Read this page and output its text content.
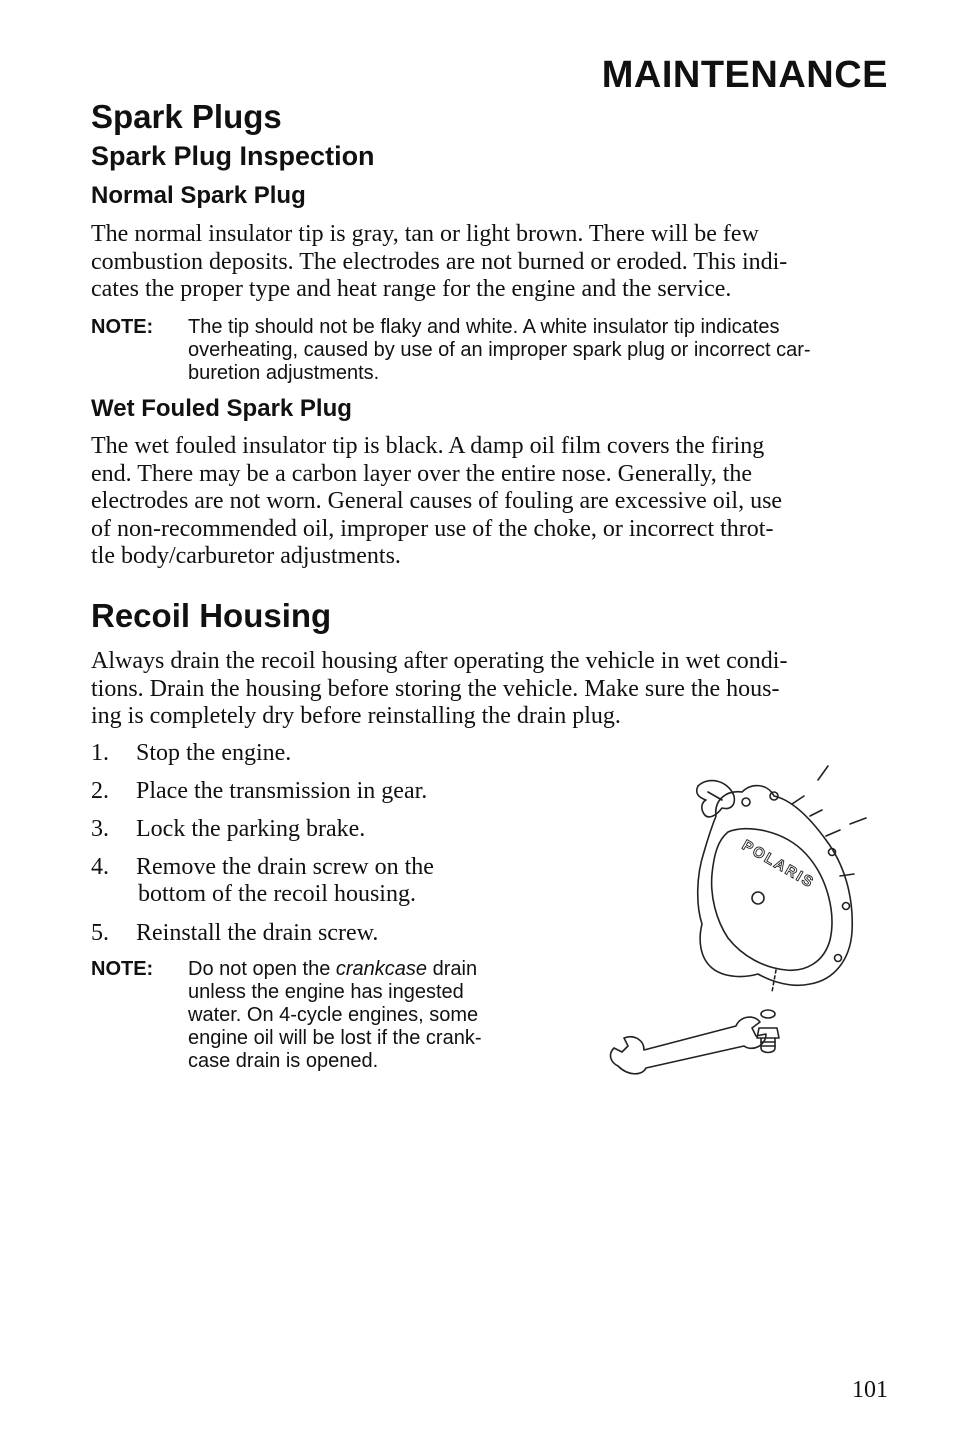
MAINTENANCE
Spark Plugs
Spark Plug Inspection
Normal Spark Plug
The normal insulator tip is gray, tan or light brown. There will be few
combustion deposits. The electrodes are not burned or eroded. This indi-
cates the proper type and heat range for the engine and the service.
NOTE: The tip should not be flaky and white. A white insulator tip indicates
overheating, caused by use of an improper spark plug or incorrect car-
buretion adjustments.
Wet Fouled Spark Plug
The wet fouled insulator tip is black. A damp oil film covers the firing
end. There may be a carbon layer over the entire nose. Generally, the
electrodes are not worn. General causes of fouling are excessive oil, use
of non-recommended oil, improper use of the choke, or incorrect throt-
tle body/carburetor adjustments.
Recoil Housing
Always drain the recoil housing after operating the vehicle in wet condi-
tions. Drain the housing before storing the vehicle. Make sure the hous-
ing is completely dry before reinstalling the drain plug.
1. Stop the engine.
2. Place the transmission in gear.
3. Lock the parking brake.
4. Remove the drain screw on the
bottom of the recoil housing.
5. Reinstall the drain screw.
NOTE: Do not open the crankcase drain
unless the engine has ingested
water. On 4-cycle engines, some
engine oil will be lost if the crank-
case drain is opened.
POLARIS
101
